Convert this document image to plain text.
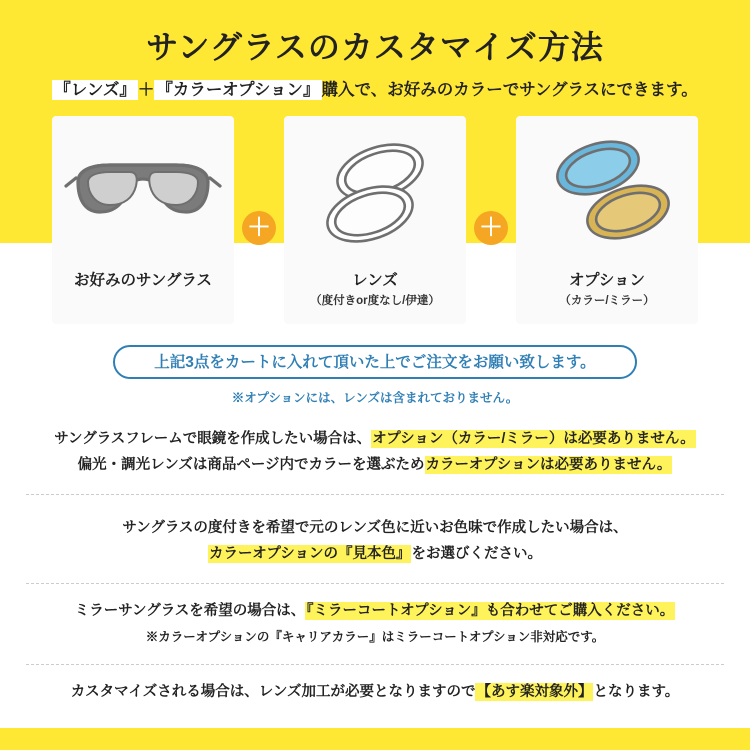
サングラスのカスタマイズ方法
『レンズ』 ＋ 『カラーオプション』 購入で、お好みのカラーでサングラスにできます。
お好みのサングラス	レンズ
（度付きor度なし/伊達）
オプション
（カラー/ミラー）
＋	＋
上記3点をカートに入れて頂いた上でご注文をお願い致します。
※オプションには、レンズは含まれておりません。
サングラスフレームで眼鏡を作成したい場合は、オプション（カラー/ミラー）は必要ありません。
偏光・調光レンズは商品ページ内でカラーを選ぶためカラーオプションは必要ありません。
サングラスの度付きを希望で元のレンズ色に近いお色味で作成したい場合は、
カラーオプションの『見本色』をお選びください。
ミラーサングラスを希望の場合は、『ミラーコートオプション』も合わせてご購入ください。
※カラーオプションの『キャリアカラー』はミラーコートオプション非対応です。
カスタマイズされる場合は、レンズ加工が必要となりますので【あす楽対象外】となります。
